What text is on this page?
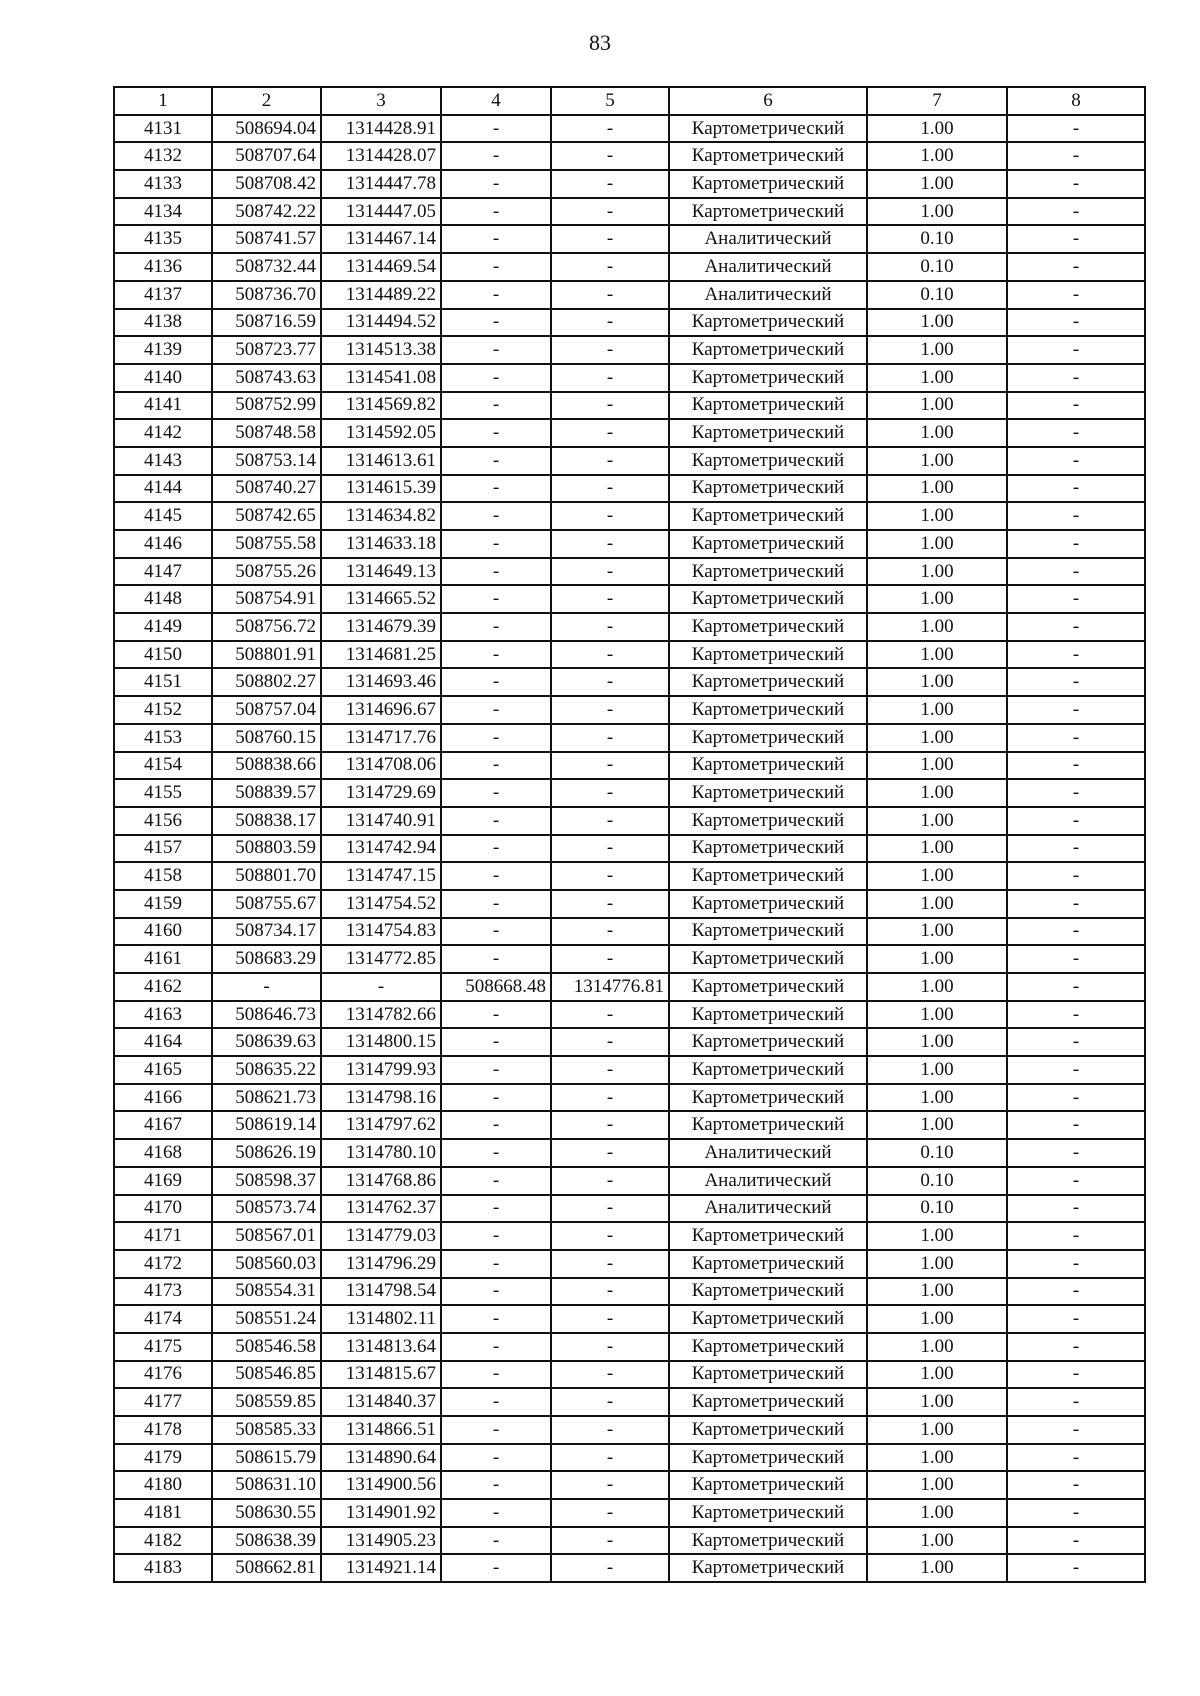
83
1	2	3	4	5	6	7	8
4131	508694.04	1314428.91	-	-	Картометрический	1.00	-
4132	508707.64	1314428.07	-	-	Картометрический	1.00	-
4133	508708.42	1314447.78	-	-	Картометрический	1.00	-
4134	508742.22	1314447.05	-	-	Картометрический	1.00	-
4135	508741.57	1314467.14	-	-	Аналитический	0.10	-
4136	508732.44	1314469.54	-	-	Аналитический	0.10	-
4137	508736.70	1314489.22	-	-	Аналитический	0.10	-
4138	508716.59	1314494.52	-	-	Картометрический	1.00	-
4139	508723.77	1314513.38	-	-	Картометрический	1.00	-
4140	508743.63	1314541.08	-	-	Картометрический	1.00	-
4141	508752.99	1314569.82	-	-	Картометрический	1.00	-
4142	508748.58	1314592.05	-	-	Картометрический	1.00	-
4143	508753.14	1314613.61	-	-	Картометрический	1.00	-
4144	508740.27	1314615.39	-	-	Картометрический	1.00	-
4145	508742.65	1314634.82	-	-	Картометрический	1.00	-
4146	508755.58	1314633.18	-	-	Картометрический	1.00	-
4147	508755.26	1314649.13	-	-	Картометрический	1.00	-
4148	508754.91	1314665.52	-	-	Картометрический	1.00	-
4149	508756.72	1314679.39	-	-	Картометрический	1.00	-
4150	508801.91	1314681.25	-	-	Картометрический	1.00	-
4151	508802.27	1314693.46	-	-	Картометрический	1.00	-
4152	508757.04	1314696.67	-	-	Картометрический	1.00	-
4153	508760.15	1314717.76	-	-	Картометрический	1.00	-
4154	508838.66	1314708.06	-	-	Картометрический	1.00	-
4155	508839.57	1314729.69	-	-	Картометрический	1.00	-
4156	508838.17	1314740.91	-	-	Картометрический	1.00	-
4157	508803.59	1314742.94	-	-	Картометрический	1.00	-
4158	508801.70	1314747.15	-	-	Картометрический	1.00	-
4159	508755.67	1314754.52	-	-	Картометрический	1.00	-
4160	508734.17	1314754.83	-	-	Картометрический	1.00	-
4161	508683.29	1314772.85	-	-	Картометрический	1.00	-
4162	-	-	508668.48	1314776.81	Картометрический	1.00	-
4163	508646.73	1314782.66	-	-	Картометрический	1.00	-
4164	508639.63	1314800.15	-	-	Картометрический	1.00	-
4165	508635.22	1314799.93	-	-	Картометрический	1.00	-
4166	508621.73	1314798.16	-	-	Картометрический	1.00	-
4167	508619.14	1314797.62	-	-	Картометрический	1.00	-
4168	508626.19	1314780.10	-	-	Аналитический	0.10	-
4169	508598.37	1314768.86	-	-	Аналитический	0.10	-
4170	508573.74	1314762.37	-	-	Аналитический	0.10	-
4171	508567.01	1314779.03	-	-	Картометрический	1.00	-
4172	508560.03	1314796.29	-	-	Картометрический	1.00	-
4173	508554.31	1314798.54	-	-	Картометрический	1.00	-
4174	508551.24	1314802.11	-	-	Картометрический	1.00	-
4175	508546.58	1314813.64	-	-	Картометрический	1.00	-
4176	508546.85	1314815.67	-	-	Картометрический	1.00	-
4177	508559.85	1314840.37	-	-	Картометрический	1.00	-
4178	508585.33	1314866.51	-	-	Картометрический	1.00	-
4179	508615.79	1314890.64	-	-	Картометрический	1.00	-
4180	508631.10	1314900.56	-	-	Картометрический	1.00	-
4181	508630.55	1314901.92	-	-	Картометрический	1.00	-
4182	508638.39	1314905.23	-	-	Картометрический	1.00	-
4183	508662.81	1314921.14	-	-	Картометрический	1.00	-
